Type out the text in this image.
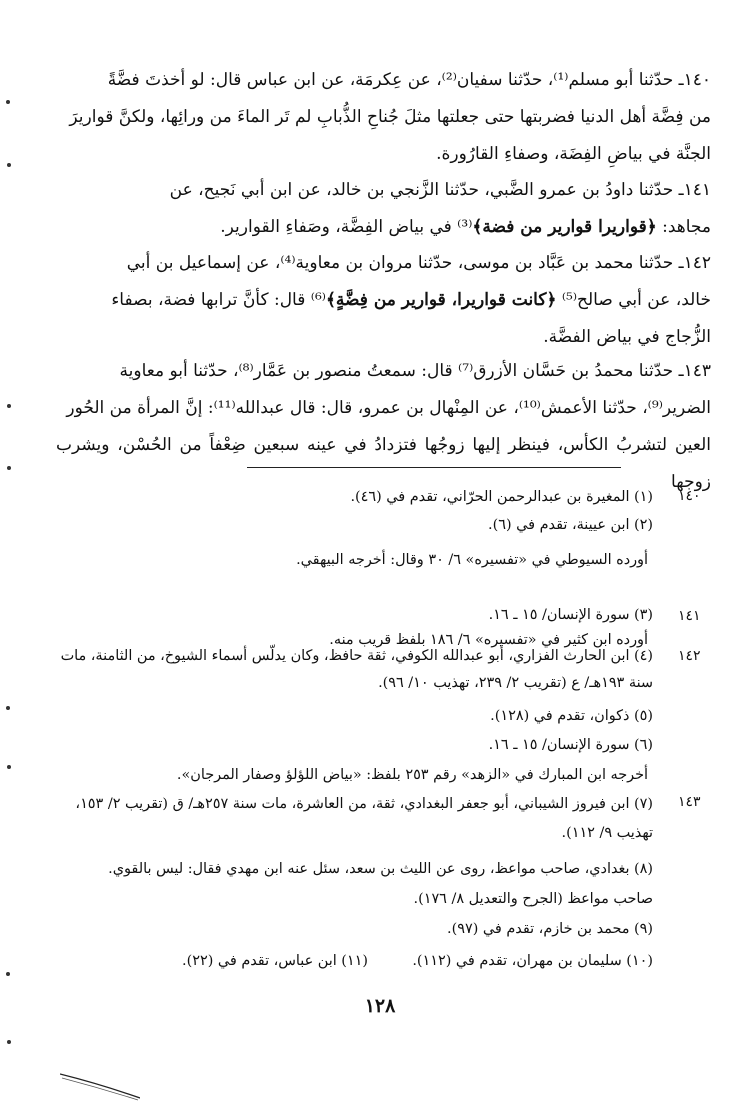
١٤٠ـ حدّثنا أبو مسلم⁽¹⁾، حدّثنا سفيان⁽²⁾، عن عِكرمَة، عن ابن عباس قال: لو أخذتَ فضَّةً

من فِضَّة أهل الدنيا فضربتها حتى جعلتها مثلَ جُناحِ الذُّبابِ لم تَر الماءَ من ورائِها، ولكنَّ قواريرَ

الجنَّة في بياضِ الفِضَة، وصفاءِ القارُورة.

١٤١ـ حدّثنا داودُ بن عمرو الضَّبي، حدّثنا الزَّنجي بن خالد، عن ابن أبي نَجيح، عن

مجاهد: ﴿قواريرا قوارير من فضة﴾⁽³⁾ في بياض الفِضَّة، وصَفاءِ القوارير.

١٤٢ـ حدّثنا محمد بن عَبَّاد بن موسى، حدّثنا مروان بن معاوية⁽⁴⁾، عن إسماعيل بن أبي

خالد، عن أبي صالح⁽⁵⁾ ﴿كانت قواريرا، قوارير من فِضَّةٍ﴾⁽⁶⁾ قال: كأنَّ ترابها فضة، بصفاء

الزُّجاج في بياض الفضَّة.

١٤٣ـ حدّثنا محمدُ بن حَسَّان الأزرق⁽⁷⁾ قال: سمعتُ منصور بن عَمَّار⁽⁸⁾، حدّثنا أبو معاوية

الضرير⁽⁹⁾، حدّثنا الأعمش⁽¹⁰⁾، عن المِنْهال بن عمرو، قال: قال عبدالله⁽¹¹⁾: إنَّ المرأة من الحُور

العين لتشربُ الكأس، فينظر إليها زوجُها فتزدادُ في عينه سبعين ضِعْفاً من الحُسْن، ويشرب زوجها

١٤٠
١٤١
١٤٢
١٤٣
(١) المغيرة بن عبدالرحمن الحرّاني، تقدم في (٤٦).
(٢) ابن عيينة، تقدم في (٦).
أورده السيوطي في «تفسيره» ٦/ ٣٠ وقال: أخرجه البيهقي.
(٣) سورة الإنسان/ ١٥ ـ ١٦.
أورده ابن كثير في «تفسيره» ٦/ ١٨٦ بلفظ قريب منه.
(٤) ابن الحارث الفزاري، أبو عبدالله الكوفي، ثقة حافظ، وكان يدلّس أسماء الشيوخ، من الثامنة، مات
سنة ١٩٣هـ/ ع (تقريب ٢/ ٢٣٩، تهذيب ١٠/ ٩٦).
(٥) ذكوان، تقدم في (١٢٨).
(٦) سورة الإنسان/ ١٥ ـ ١٦.
أخرجه ابن المبارك في «الزهد» رقم ٢٥٣ بلفظ: «بياض اللؤلؤ وصفار المرجان».
(٧) ابن فيروز الشيباني، أبو جعفر البغدادي، ثقة، من العاشرة، مات سنة ٢٥٧هـ/ ق (تقريب ٢/ ١٥٣،
تهذيب ٩/ ١١٢).
(٨) بغدادي، صاحب مواعظ، روى عن الليث بن سعد، سئل عنه ابن مهدي فقال: ليس بالقوي.
صاحب مواعظ (الجرح والتعديل ٨/ ١٧٦).
(٩) محمد بن خازم، تقدم في (٩٧).
(١٠) سليمان بن مهران، تقدم في (١١٢).
(١١) ابن عباس، تقدم في (٢٢).
١٢٨
